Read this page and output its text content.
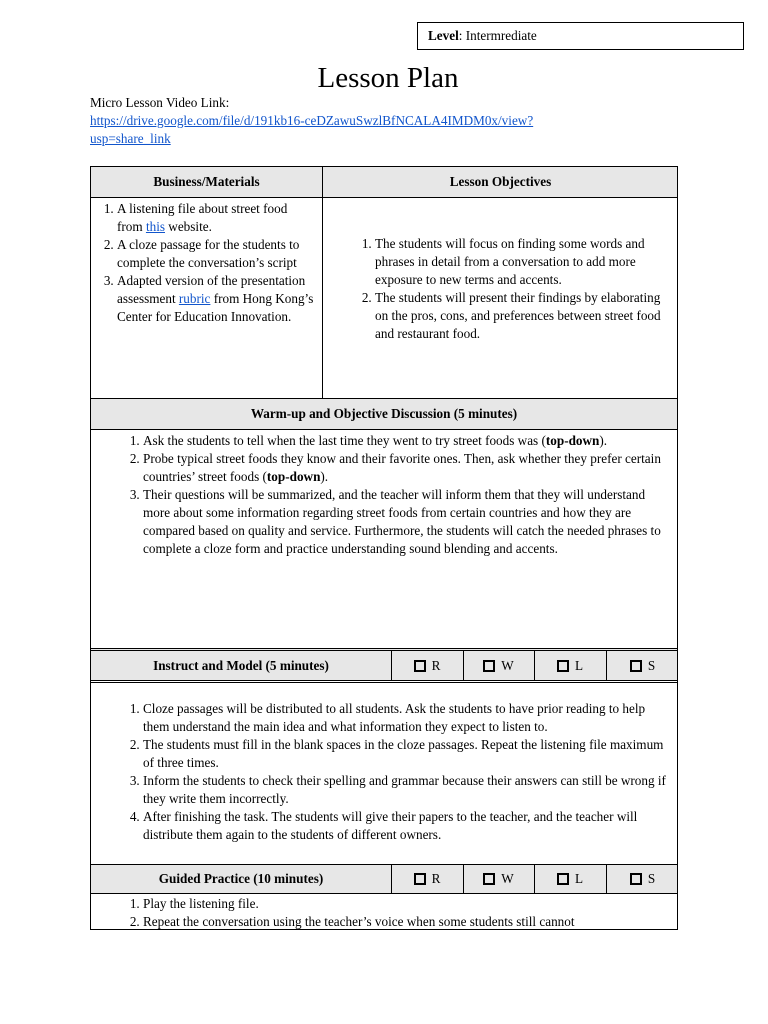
Level: Intermrediate
Lesson Plan
Micro Lesson Video Link:
https://drive.google.com/file/d/191kb16-ceDZawuSwzlBfNCALA4IMDM0x/view?
usp=share_link
Business/Materials	Lesson Objectives
1. A listening file about street food from this website.
2. A cloze passage for the students to complete the conversation’s script
3. Adapted version of the presentation assessment rubric from Hong Kong’s Center for Education Innovation.
1. The students will focus on finding some words and phrases in detail from a conversation to add more exposure to new terms and accents.
2. The students will present their findings by elaborating on the pros, cons, and preferences between street food and restaurant food.
Warm-up and Objective Discussion (5 minutes)
1. Ask the students to tell when the last time they went to try street foods was (top-down).
2. Probe typical street foods they know and their favorite ones. Then, ask whether they prefer certain countries’ street foods (top-down).
3. Their questions will be summarized, and the teacher will inform them that they will understand more about some information regarding street foods from certain countries and how they are compared based on quality and service. Furthermore, the students will catch the needed phrases to complete a cloze form and practice understanding sound blending and accents.
Instruct and Model (5 minutes)	R	W	L	S
1. Cloze passages will be distributed to all students. Ask the students to have prior reading to help them understand the main idea and what information they expect to listen to.
2. The students must fill in the blank spaces in the cloze passages. Repeat the listening file maximum of three times.
3. Inform the students to check their spelling and grammar because their answers can still be wrong if they write them incorrectly.
4. After finishing the task. The students will give their papers to the teacher, and the teacher will distribute them again to the students of different owners.
Guided Practice (10 minutes)	R	W	L	S
1. Play the listening file.
2. Repeat the conversation using the teacher’s voice when some students still cannot
